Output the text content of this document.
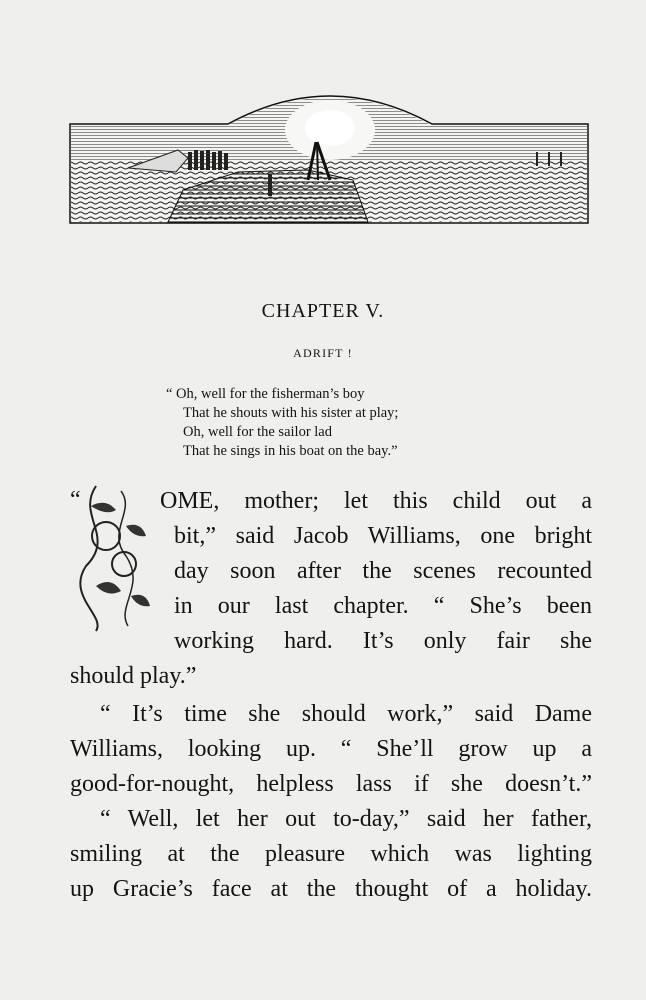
CHAPTER V.
ADRIFT !
“ Oh, well for the fisherman’s boy
That he shouts with his sister at play;
Oh, well for the sailor lad
That he sings in his boat on the bay.”
“	OME, mother; let this child out a
bit,” said Jacob Williams, one bright
day soon after the scenes recounted
in our last chapter. “ She’s been
working hard. It’s only fair she
should play.”
“ It’s time she should work,” said Dame
Williams, looking up. “ She’ll grow up a
good-for-nought, helpless lass if she doesn’t.”
“ Well, let her out to-day,” said her father,
smiling at the pleasure which was lighting
up Gracie’s face at the thought of a holiday.
